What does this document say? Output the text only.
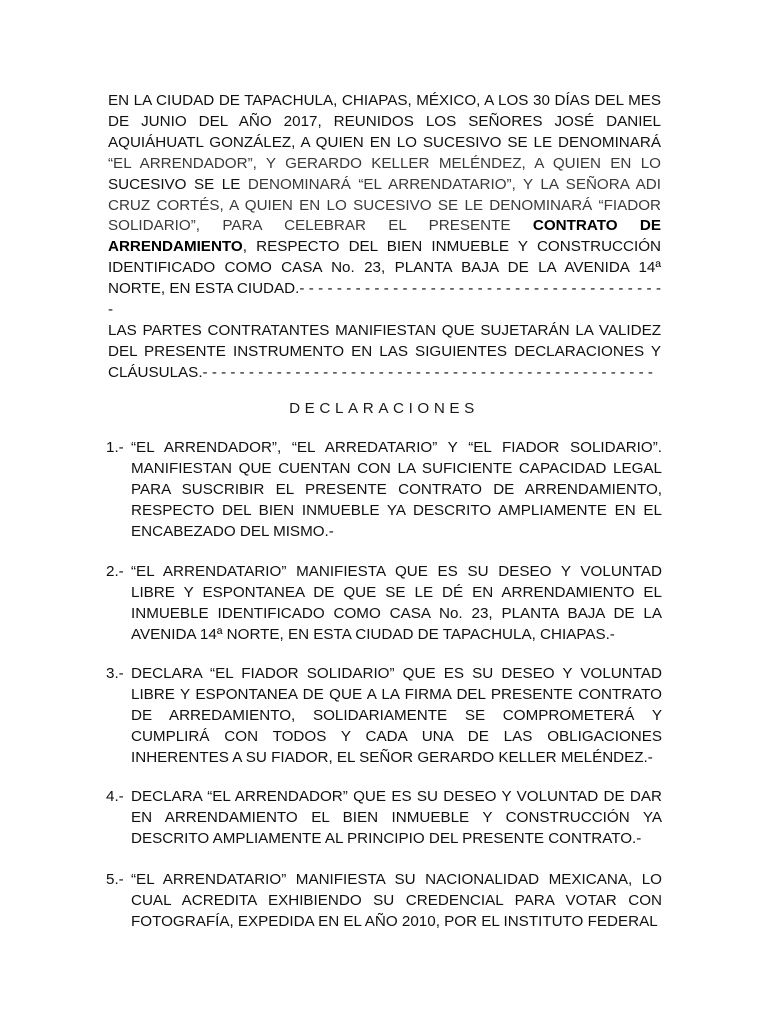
EN LA CIUDAD DE TAPACHULA, CHIAPAS, MÉXICO, A LOS 30 DÍAS DEL MES DE JUNIO DEL AÑO 2017, REUNIDOS LOS SEÑORES JOSÉ DANIEL AQUIÁHUATL GONZÁLEZ, A QUIEN EN LO SUCESIVO SE LE DENOMINARÁ “EL ARRENDADOR”, Y GERARDO KELLER MELÉNDEZ, A QUIEN EN LO SUCESIVO SE LE DENOMINARÁ “EL ARRENDATARIO”, Y LA SEÑORA ADI CRUZ CORTÉS, A QUIEN EN LO SUCESIVO SE LE DENOMINARÁ “FIADOR SOLIDARIO”, PARA CELEBRAR EL PRESENTE CONTRATO DE ARRENDAMIENTO, RESPECTO DEL BIEN INMUEBLE Y CONSTRUCCIÓN IDENTIFICADO COMO CASA No. 23, PLANTA BAJA DE LA AVENIDA 14ª NORTE, EN ESTA CIUDAD.- - - - - - - - - - - - - - - - - - - - - - - - - - - - - - - - - - - - - - - -

LAS PARTES CONTRATANTES MANIFIESTAN QUE SUJETARÁN LA VALIDEZ DEL PRESENTE INSTRUMENTO EN LAS SIGUIENTES DECLARACIONES Y CLÁUSULAS.- - - - - - - - - - - - - - - - - - - - - - - - - - - - - - - - - - - - - - - - - - - - - - - - -

DECLARACIONES
1.- “EL ARRENDADOR”, “EL ARREDATARIO” Y “EL FIADOR SOLIDARIO”. MANIFIESTAN QUE CUENTAN CON LA SUFICIENTE CAPACIDAD LEGAL PARA SUSCRIBIR EL PRESENTE CONTRATO DE ARRENDAMIENTO, RESPECTO DEL BIEN INMUEBLE YA DESCRITO AMPLIAMENTE EN EL ENCABEZADO DEL MISMO.-
2.- “EL ARRENDATARIO” MANIFIESTA QUE ES SU DESEO Y VOLUNTAD LIBRE Y ESPONTANEA DE QUE SE LE DÉ EN ARRENDAMIENTO EL INMUEBLE IDENTIFICADO COMO CASA No. 23, PLANTA BAJA DE LA AVENIDA 14ª NORTE, EN ESTA CIUDAD DE TAPACHULA, CHIAPAS.-
3.- DECLARA “EL FIADOR SOLIDARIO” QUE ES SU DESEO Y VOLUNTAD LIBRE Y ESPONTANEA DE QUE A LA FIRMA DEL PRESENTE CONTRATO DE ARREDAMIENTO, SOLIDARIAMENTE SE COMPROMETERÁ Y CUMPLIRÁ CON TODOS Y CADA UNA DE LAS OBLIGACIONES INHERENTES A SU FIADOR, EL SEÑOR GERARDO KELLER MELÉNDEZ.-
4.- DECLARA “EL ARRENDADOR” QUE ES SU DESEO Y VOLUNTAD DE DAR EN ARRENDAMIENTO EL BIEN INMUEBLE Y CONSTRUCCIÓN YA DESCRITO AMPLIAMENTE AL PRINCIPIO DEL PRESENTE CONTRATO.-
5.- “EL ARRENDATARIO” MANIFIESTA SU NACIONALIDAD MEXICANA, LO CUAL ACREDITA EXHIBIENDO SU CREDENCIAL PARA VOTAR CON FOTOGRAFÍA, EXPEDIDA EN EL AÑO 2010, POR EL INSTITUTO FEDERAL
